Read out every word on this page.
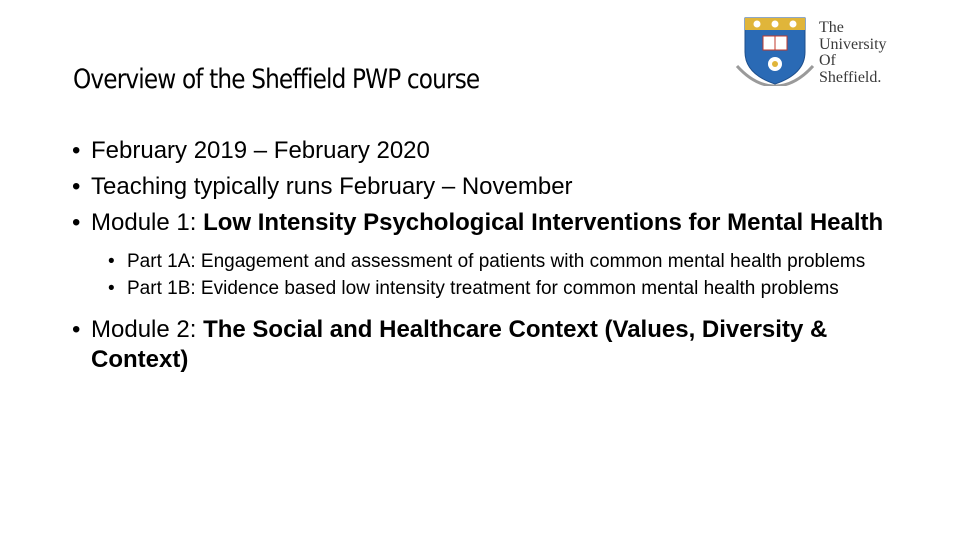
Overview of the Sheffield PWP course
The
University
Of
Sheffield.
• February 2019 – February 2020
• Teaching typically runs February – November
• Module 1: Low Intensity Psychological Interventions for Mental Health
• Part 1A: Engagement and assessment of patients with common mental health problems
• Part 1B: Evidence based low intensity treatment for common mental health problems
• Module 2: The Social and Healthcare Context (Values, Diversity & Context)
